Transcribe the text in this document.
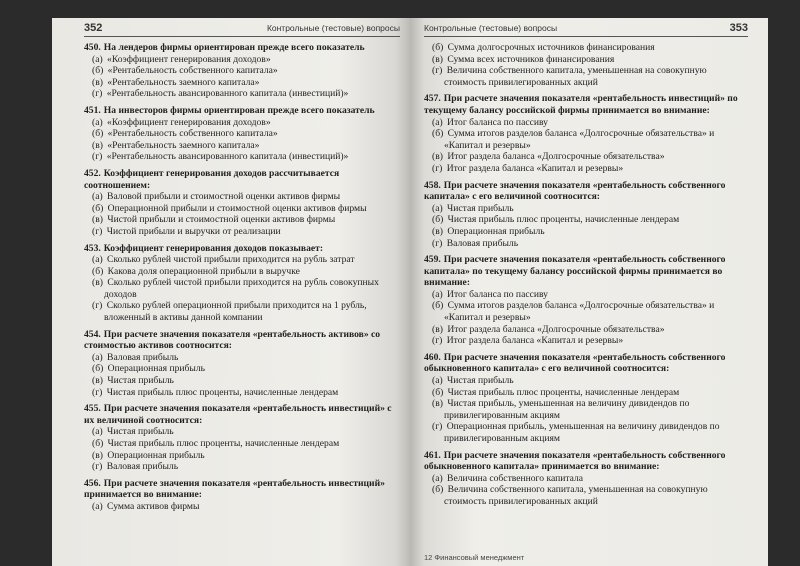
352	Контрольные (тестовые) вопросы
450. На лендеров фирмы ориентирован прежде всего показатель
(а) «Коэффициент генерирования доходов»
(б) «Рентабельность собственного капитала»
(в) «Рентабельность заемного капитала»
(г) «Рентабельность авансированного капитала (инвестиций)»
451. На инвесторов фирмы ориентирован прежде всего показатель
(а) «Коэффициент генерирования доходов»
(б) «Рентабельность собственного капитала»
(в) «Рентабельность заемного капитала»
(г) «Рентабельность авансированного капитала (инвестиций)»
452. Коэффициент генерирования доходов рассчитывается соотношением:
(а) Валовой прибыли и стоимостной оценки активов фирмы
(б) Операционной прибыли и стоимостной оценки активов фирмы
(в) Чистой прибыли и стоимостной оценки активов фирмы
(г) Чистой прибыли и выручки от реализации
453. Коэффициент генерирования доходов показывает:
(а) Сколько рублей чистой прибыли приходится на рубль затрат
(б) Какова доля операционной прибыли в выручке
(в) Сколько рублей чистой прибыли приходится на рубль совокупных доходов
(г) Сколько рублей операционной прибыли приходится на 1 рубль, вложенный в активы данной компании
454. При расчете значения показателя «рентабельность активов» со стоимостью активов соотносится:
(а) Валовая прибыль
(б) Операционная прибыль
(в) Чистая прибыль
(г) Чистая прибыль плюс проценты, начисленные лендерам
455. При расчете значения показателя «рентабельность инвестиций» с их величиной соотносится:
(а) Чистая прибыль
(б) Чистая прибыль плюс проценты, начисленные лендерам
(в) Операционная прибыль
(г) Валовая прибыль
456. При расчете значения показателя «рентабельность инвестиций» принимается во внимание:
(а) Сумма активов фирмы
Контрольные (тестовые) вопросы	353
(б) Сумма долгосрочных источников финансирования
(в) Сумма всех источников финансирования
(г) Величина собственного капитала, уменьшенная на совокупную стоимость привилегированных акций
457. При расчете значения показателя «рентабельность инвестиций» по текущему балансу российской фирмы принимается во внимание:
(а) Итог баланса по пассиву
(б) Сумма итогов разделов баланса «Долгосрочные обязательства» и «Капитал и резервы»
(в) Итог раздела баланса «Долгосрочные обязательства»
(г) Итог раздела баланса «Капитал и резервы»
458. При расчете значения показателя «рентабельность собственного капитала» с его величиной соотносится:
(а) Чистая прибыль
(б) Чистая прибыль плюс проценты, начисленные лендерам
(в) Операционная прибыль
(г) Валовая прибыль
459. При расчете значения показателя «рентабельность собственного капитала» по текущему балансу российской фирмы принимается во внимание:
(а) Итог баланса по пассиву
(б) Сумма итогов разделов баланса «Долгосрочные обязательства» и «Капитал и резервы»
(в) Итог раздела баланса «Долгосрочные обязательства»
(г) Итог раздела баланса «Капитал и резервы»
460. При расчете значения показателя «рентабельность собственного обыкновенного капитала» с его величиной соотносится:
(а) Чистая прибыль
(б) Чистая прибыль плюс проценты, начисленные лендерам
(в) Чистая прибыль, уменьшенная на величину дивидендов по привилегированным акциям
(г) Операционная прибыль, уменьшенная на величину дивидендов по привилегированным акциям
461. При расчете значения показателя «рентабельность собственного обыкновенного капитала» принимается во внимание:
(а) Величина собственного капитала
(б) Величина собственного капитала, уменьшенная на совокупную стоимость привилегированных акций
12 Финансовый менеджмент
